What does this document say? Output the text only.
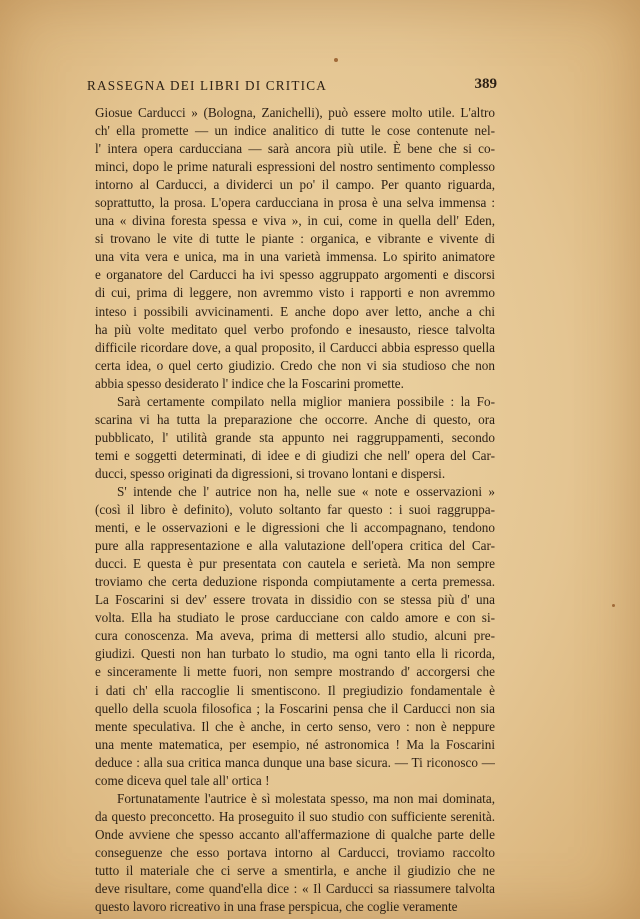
RASSEGNA DEI LIBRI DI CRITICA	389
Giosue Carducci » (Bologna, Zanichelli), può essere molto utile. L'altro
ch' ella promette — un indice analitico di tutte le cose contenute nel-
l' intera opera carducciana — sarà ancora più utile. È bene che si co-
minci, dopo le prime naturali espressioni del nostro sentimento complesso
intorno al Carducci, a dividerci un po' il campo. Per quanto riguarda,
soprattutto, la prosa. L'opera carducciana in prosa è una selva immensa :
una « divina foresta spessa e viva », in cui, come in quella dell' Eden,
si trovano le vite di tutte le piante : organica, e vibrante e vivente di
una vita vera e unica, ma in una varietà immensa. Lo spirito animatore
e organatore del Carducci ha ivi spesso aggruppato argomenti e discorsi
di cui, prima di leggere, non avremmo visto i rapporti e non avremmo
inteso i possibili avvicinamenti. E anche dopo aver letto, anche a chi
ha più volte meditato quel verbo profondo e inesausto, riesce talvolta
difficile ricordare dove, a qual proposito, il Carducci abbia espresso quella
certa idea, o quel certo giudizio. Credo che non vi sia studioso che non
abbia spesso desiderato l' indice che la Foscarini promette.
Sarà certamente compilato nella miglior maniera possibile : la Fo-
scarina vi ha tutta la preparazione che occorre. Anche di questo, ora
pubblicato, l' utilità grande sta appunto nei raggruppamenti, secondo
temi e soggetti determinati, di idee e di giudizi che nell' opera del Car-
ducci, spesso originati da digressioni, si trovano lontani e dispersi.
S' intende che l' autrice non ha, nelle sue « note e osservazioni »
(così il libro è definito), voluto soltanto far questo : i suoi raggruppa-
menti, e le osservazioni e le digressioni che li accompagnano, tendono
pure alla rappresentazione e alla valutazione dell'opera critica del Car-
ducci. E questa è pur presentata con cautela e serietà. Ma non sempre
troviamo che certa deduzione risponda compiutamente a certa premessa.
La Foscarini si dev' essere trovata in dissidio con se stessa più d' una
volta. Ella ha studiato le prose carducciane con caldo amore e con si-
cura conoscenza. Ma aveva, prima di mettersi allo studio, alcuni pre-
giudizi. Questi non han turbato lo studio, ma ogni tanto ella li ricorda,
e sinceramente li mette fuori, non sempre mostrando d' accorgersi che
i dati ch' ella raccoglie li smentiscono. Il pregiudizio fondamentale è
quello della scuola filosofica ; la Foscarini pensa che il Carducci non sia
mente speculativa. Il che è anche, in certo senso, vero : non è neppure
una mente matematica, per esempio, né astronomica ! Ma la Foscarini
deduce : alla sua critica manca dunque una base sicura. — Ti riconosco —
come diceva quel tale all' ortica !
Fortunatamente l'autrice è sì molestata spesso, ma non mai dominata,
da questo preconcetto. Ha proseguito il suo studio con sufficiente serenità.
Onde avviene che spesso accanto all'affermazione di qualche parte delle
conseguenze che esso portava intorno al Carducci, troviamo raccolto
tutto il materiale che ci serve a smentirla, e anche il giudizio che ne
deve risultare, come quand'ella dice : « Il Carducci sa riassumere talvolta
questo lavoro ricreativo in una frase perspicua, che coglie veramente
